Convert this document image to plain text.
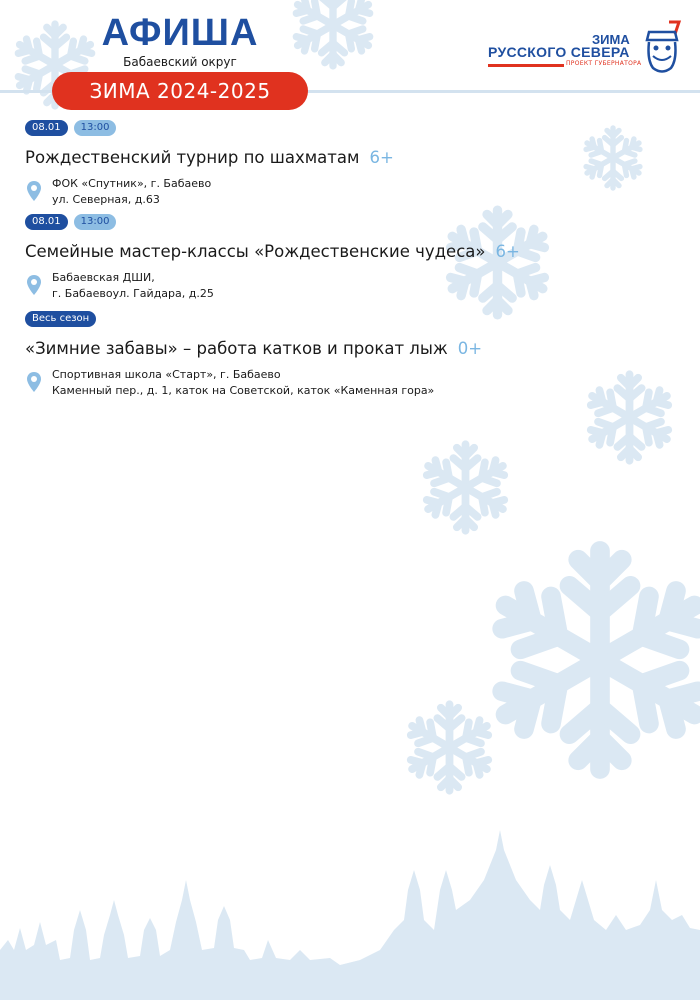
АФИША
Бабаевский округ
ЗИМА 2024-2025
ЗИМА
РУССКОГО СЕВЕРА
ПРОЕКТ ГУБЕРНАТОРА
08.01	13:00
Рождественский турнир по шахматам 6+
ФОК «Спутник», г. Бабаево
ул. Северная, д.63
08.01	13:00
Семейные мастер-классы «Рождественские чудеса» 6+
Бабаевская ДШИ,
г. Бабаевоул. Гайдара, д.25
Весь сезон
«Зимние забавы» – работа катков и прокат лыж 0+
Спортивная школа «Старт», г. Бабаево
Каменный пер., д. 1, каток на Советской, каток «Каменная гора»
